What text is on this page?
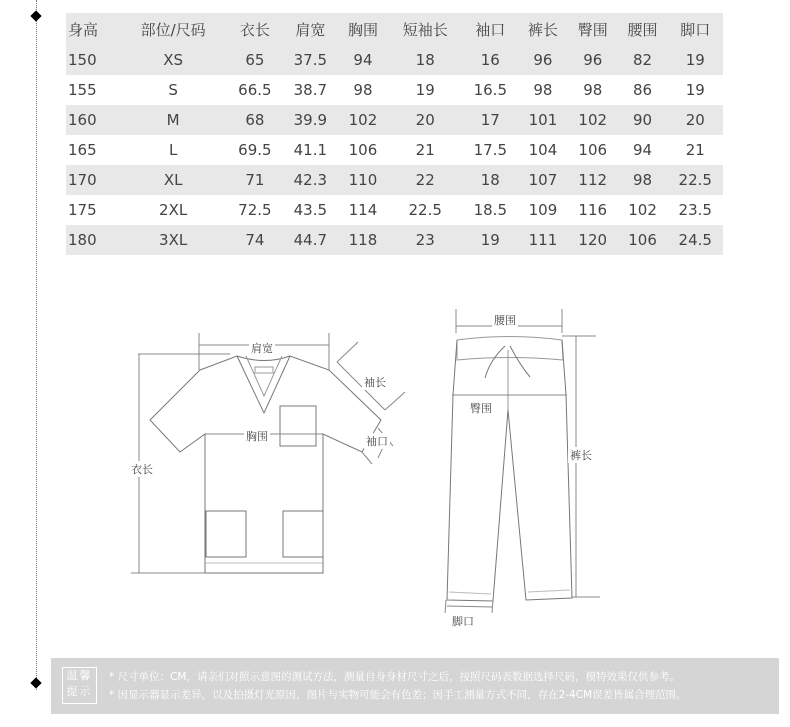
身高	部位/尺码	衣长	肩宽	胸围	短袖长	袖口	裤长	臀围	腰围	脚口
150	XS	65	37.5	94	18	16	96	96	82	19
155	S	66.5	38.7	98	19	16.5	98	98	86	19
160	M	68	39.9	102	20	17	101	102	90	20
165	L	69.5	41.1	106	21	17.5	104	106	94	21
170	XL	71	42.3	110	22	18	107	112	98	22.5
175	2XL	72.5	43.5	114	22.5	18.5	109	116	102	23.5
180	3XL	74	44.7	118	23	19	111	120	106	24.5
肩宽
袖长
胸围	袖口
衣长
腰围
臀围
裤长
脚口
温馨
提示
* 尺寸单位：CM，请亲们对照示意图的测试方法，测量自身身材尺寸之后，按照尺码表数据选择尺码，模特效果仅供参考。
* 因显示器显示差异，以及拍摄灯光原因，图片与实物可能会有色差；因手工测量方式不同，存在2-4CM误差皆属合理范围。
